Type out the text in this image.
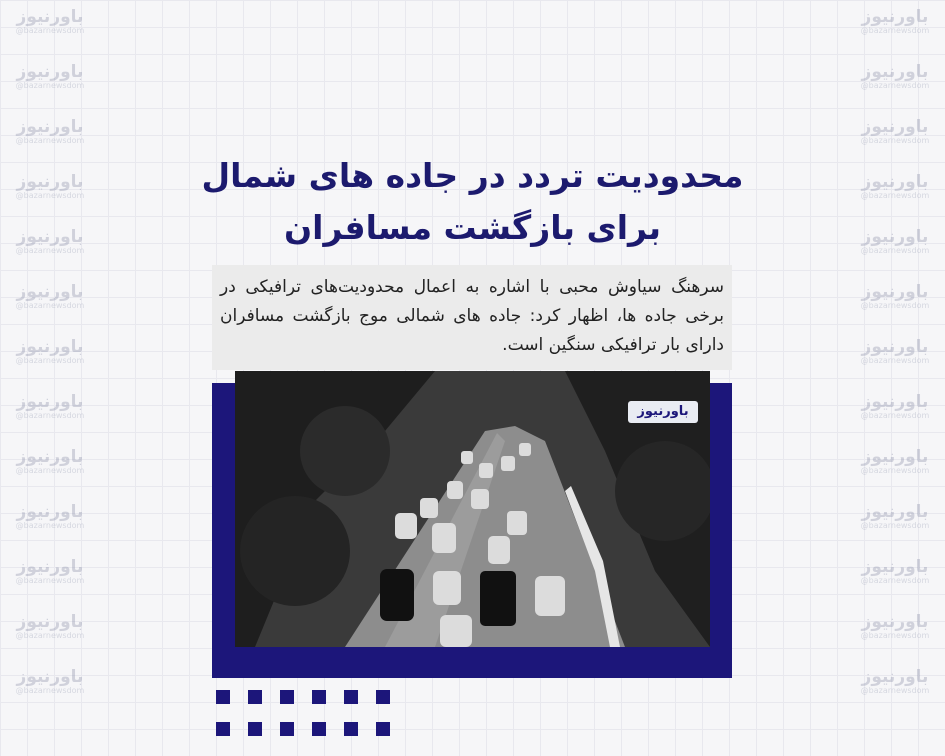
باورنیوز
@bazarnewsdom
باورنیوز
@bazarnewsdom
باورنیوز
@bazarnewsdom
باورنیوز
@bazarnewsdom
باورنیوز
@bazarnewsdom
باورنیوز
@bazarnewsdom
باورنیوز
@bazarnewsdom
باورنیوز
@bazarnewsdom
باورنیوز
@bazarnewsdom
باورنیوز
@bazarnewsdom
باورنیوز
@bazarnewsdom
باورنیوز
@bazarnewsdom
باورنیوز
@bazarnewsdom
باورنیوز
@bazarnewsdom
باورنیوز
@bazarnewsdom
باورنیوز
@bazarnewsdom
باورنیوز
@bazarnewsdom
باورنیوز
@bazarnewsdom
باورنیوز
@bazarnewsdom
باورنیوز
@bazarnewsdom
باورنیوز
@bazarnewsdom
باورنیوز
@bazarnewsdom
باورنیوز
@bazarnewsdom
باورنیوز
@bazarnewsdom
باورنیوز
@bazarnewsdom
باورنیوز
@bazarnewsdom
محدودیت تردد در جاده های شمال
برای بازگشت مسافران

سرهنگ سیاوش محبی با اشاره به اعمال محدودیت‌های ترافیکی در برخی جاده ها، اظهار کرد: جاده های شمالی موج بازگشت مسافران دارای بار ترافیکی سنگین است.

باورنیوز
